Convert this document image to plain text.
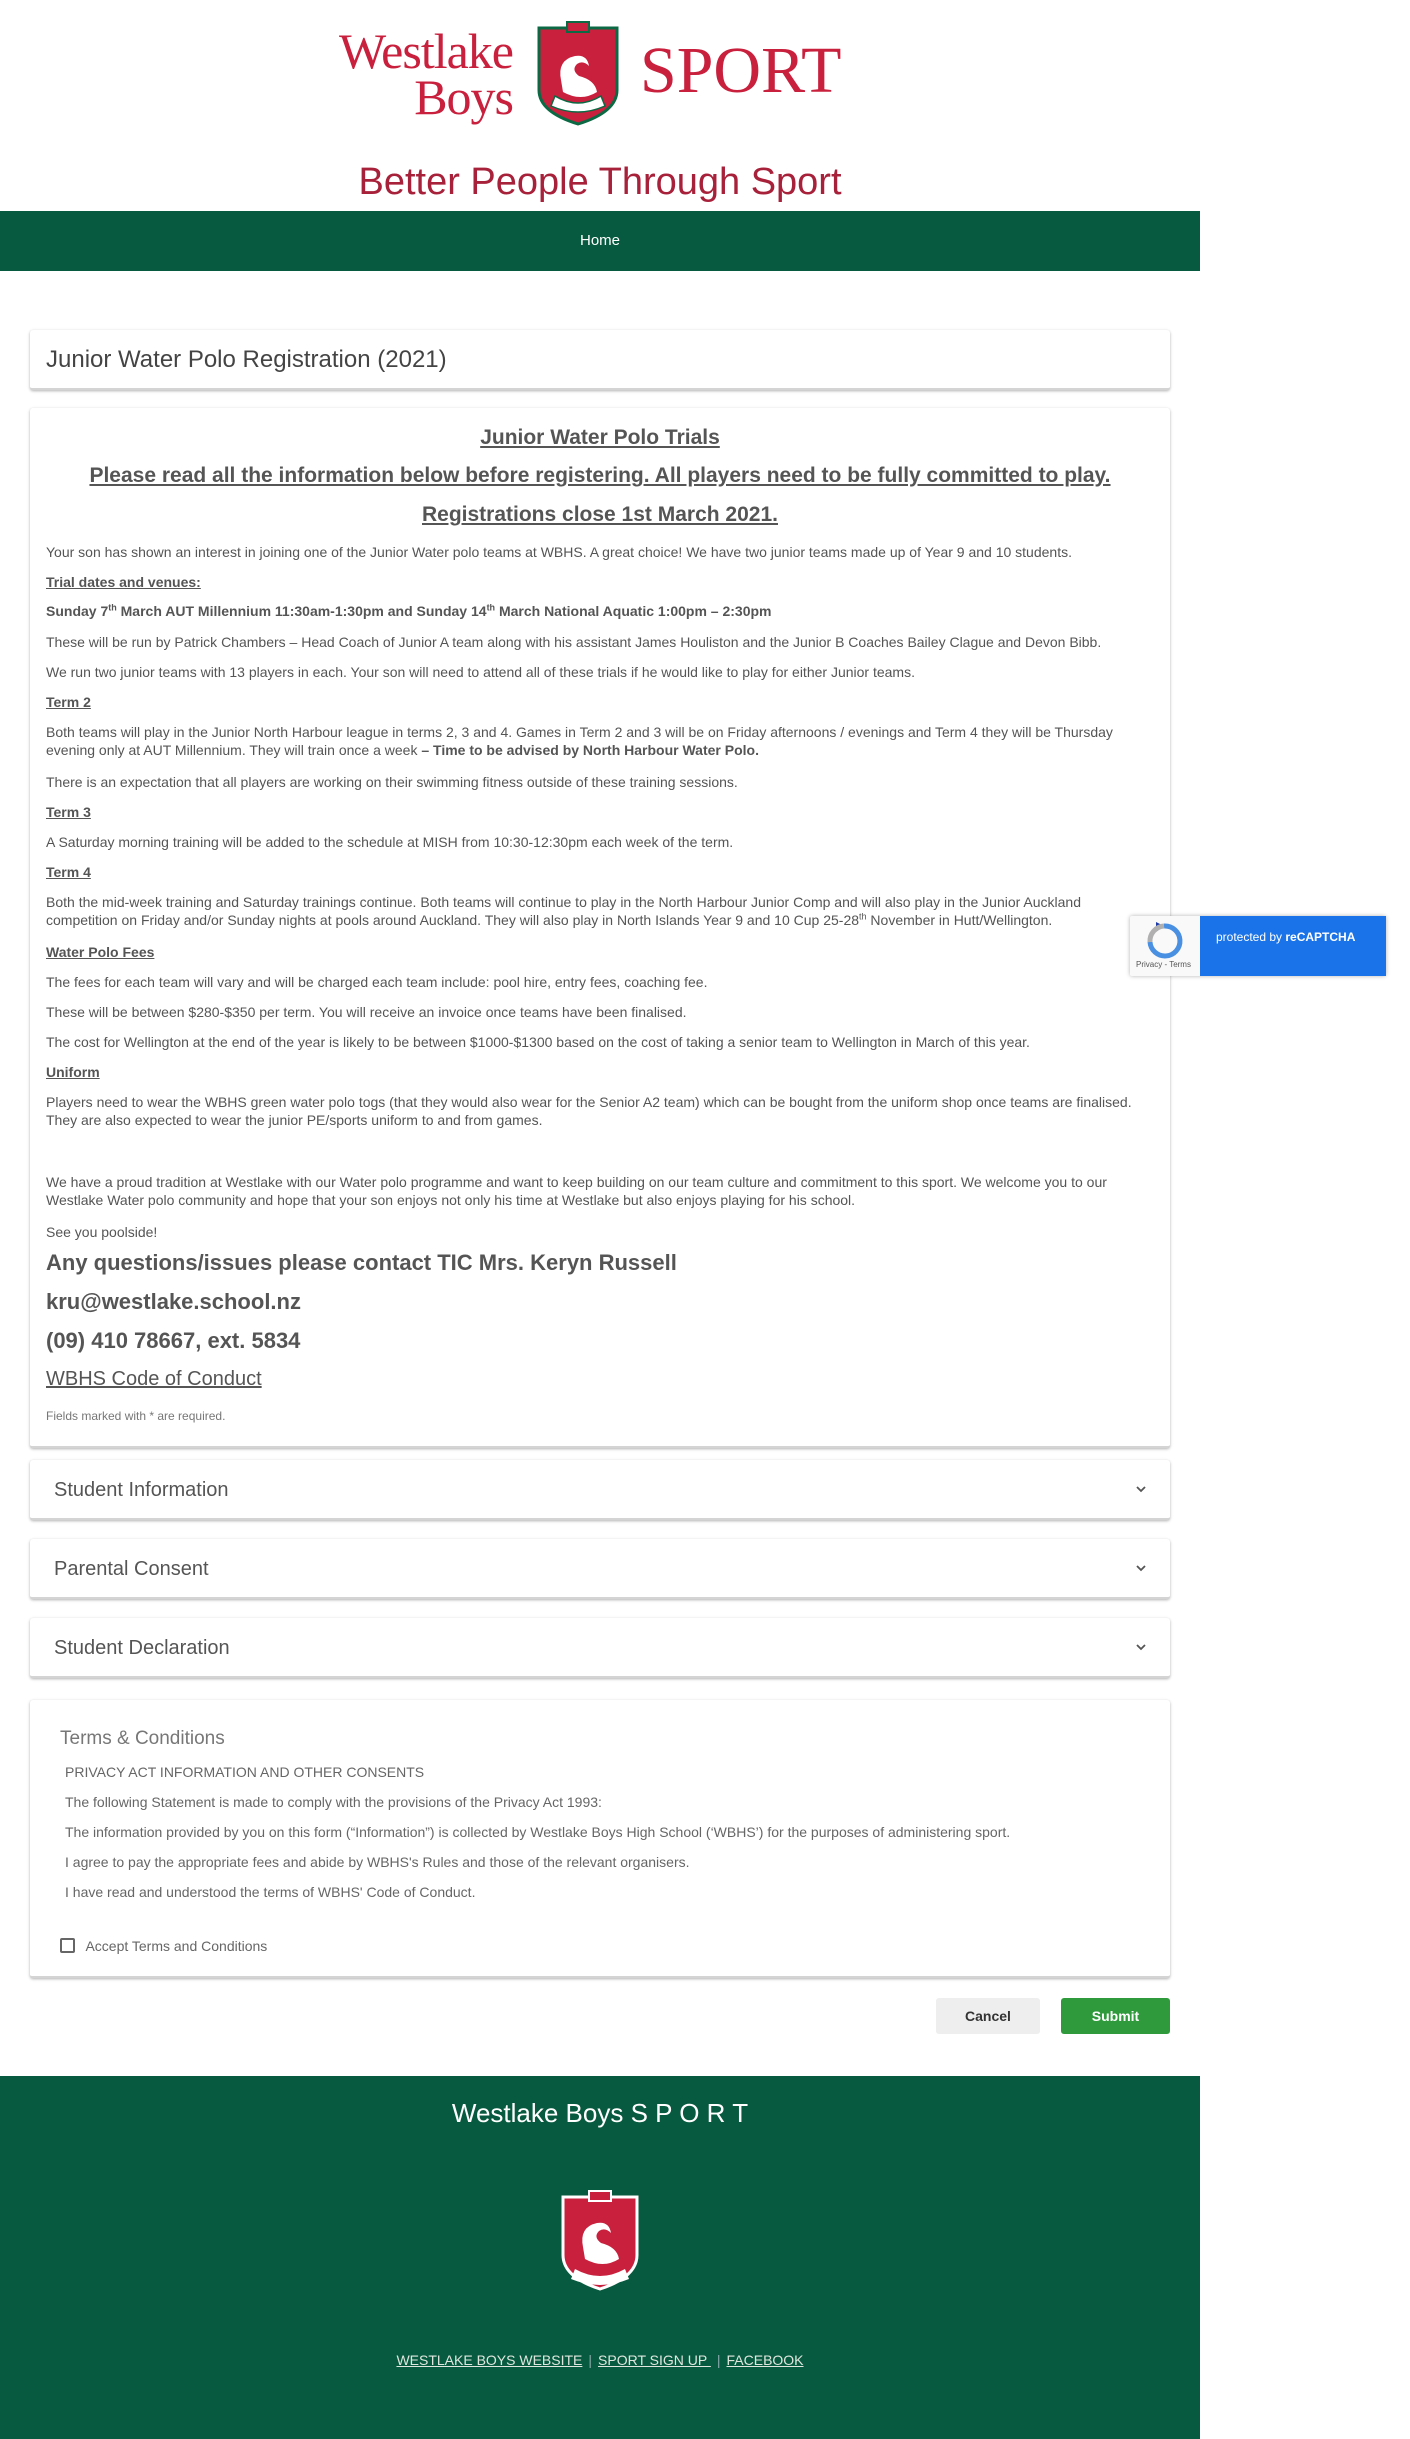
Westlake
Boys SPORT
Better People Through Sport
Home
Junior Water Polo Registration (2021)
Junior Water Polo Trials
Please read all the information below before registering. All players need to be fully committed to play.
Registrations close 1st March 2021.

Your son has shown an interest in joining one of the Junior Water polo teams at WBHS. A great choice! We have two junior teams made up of Year 9 and 10 students.

Trial dates and venues:

Sunday 7th March AUT Millennium 11:30am-1:30pm and Sunday 14th March National Aquatic 1:00pm – 2:30pm

These will be run by Patrick Chambers – Head Coach of Junior A team along with his assistant James Houliston and the Junior B Coaches Bailey Clague and Devon Bibb.

We run two junior teams with 13 players in each. Your son will need to attend all of these trials if he would like to play for either Junior teams.

Term 2

Both teams will play in the Junior North Harbour league in terms 2, 3 and 4. Games in Term 2 and 3 will be on Friday afternoons / evenings and Term 4 they will be Thursday evening only at AUT Millennium. They will train once a week – Time to be advised by North Harbour Water Polo.

There is an expectation that all players are working on their swimming fitness outside of these training sessions.

Term 3

A Saturday morning training will be added to the schedule at MISH from 10:30-12:30pm each week of the term.

Term 4

Both the mid-week training and Saturday trainings continue. Both teams will continue to play in the North Harbour Junior Comp and will also play in the Junior Auckland competition on Friday and/or Sunday nights at pools around Auckland. They will also play in North Islands Year 9 and 10 Cup 25-28th November in Hutt/Wellington.

Water Polo Fees

The fees for each team will vary and will be charged each team include: pool hire, entry fees, coaching fee.

These will be between $280-$350 per term. You will receive an invoice once teams have been finalised.

The cost for Wellington at the end of the year is likely to be between $1000-$1300 based on the cost of taking a senior team to Wellington in March of this year.

Uniform

Players need to wear the WBHS green water polo togs (that they would also wear for the Senior A2 team) which can be bought from the uniform shop once teams are finalised. They are also expected to wear the junior PE/sports uniform to and from games.

We have a proud tradition at Westlake with our Water polo programme and want to keep building on our team culture and commitment to this sport. We welcome you to our Westlake Water polo community and hope that your son enjoys not only his time at Westlake but also enjoys playing for his school.

See you poolside!

Any questions/issues please contact TIC Mrs. Keryn Russell
kru@westlake.school.nz
(09) 410 78667, ext. 5834
WBHS Code of Conduct

Fields marked with * are required.

Student Information
Parental Consent
Student Declaration
Terms & Conditions
PRIVACY ACT INFORMATION AND OTHER CONSENTS
The following Statement is made to comply with the provisions of the Privacy Act 1993:
The information provided by you on this form (“Information”) is collected by Westlake Boys High School (‘WBHS’) for the purposes of administering sport.
I agree to pay the appropriate fees and abide by WBHS's Rules and those of the relevant organisers.
I have read and understood the terms of WBHS' Code of Conduct.
Accept Terms and Conditions
Cancel	Submit
Privacy - Terms
protected by reCAPTCHA
Westlake Boys S P O R T
WESTLAKE BOYS WEBSITE | SPORT SIGN UP | FACEBOOK
